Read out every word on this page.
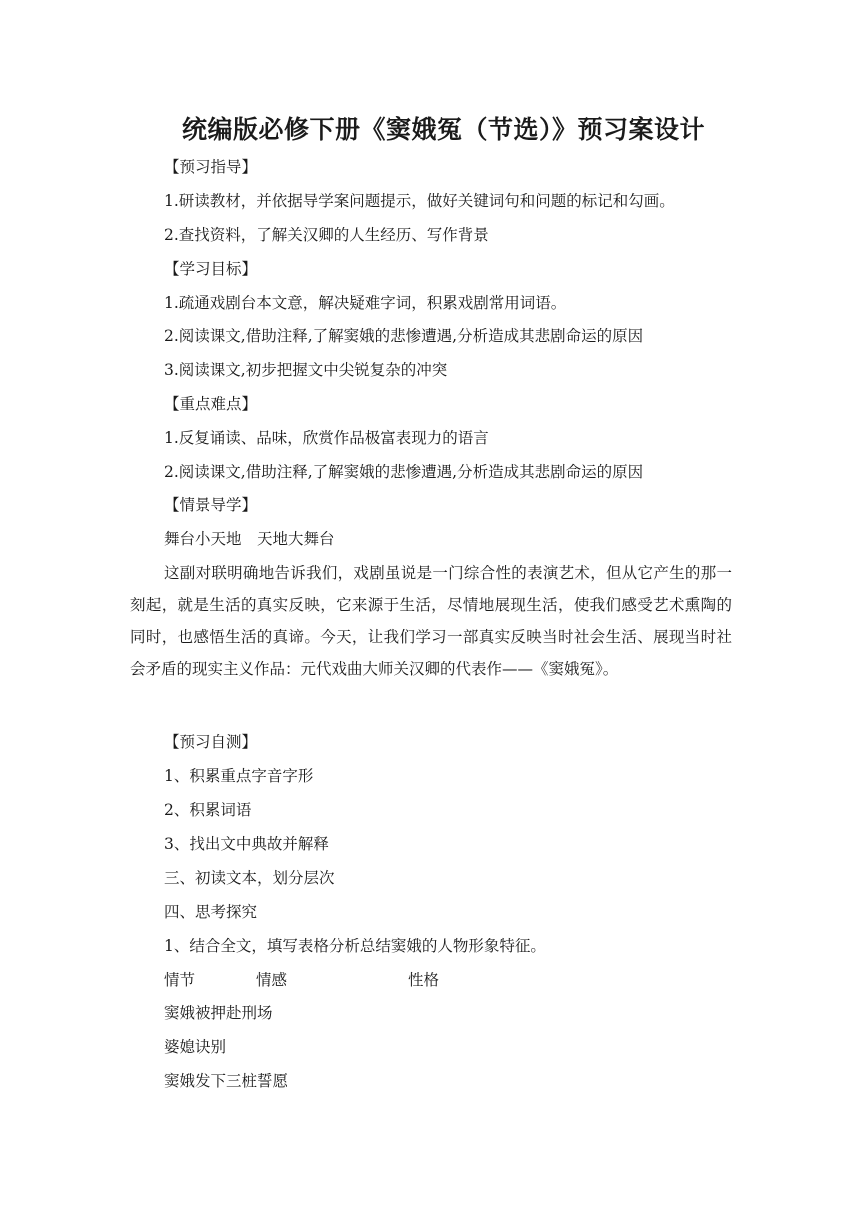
统编版必修下册《窦娥冤（节选）》预习案设计

【预习指导】

1.研读教材，并依据导学案问题提示，做好关键词句和问题的标记和勾画。

2.查找资料，了解关汉卿的人生经历、写作背景

【学习目标】

1.疏通戏剧台本文意，解决疑难字词，积累戏剧常用词语。

2.阅读课文,借助注释,了解窦娥的悲惨遭遇,分析造成其悲剧命运的原因

3.阅读课文,初步把握文中尖锐复杂的冲突

【重点难点】

1.反复诵读、品味，欣赏作品极富表现力的语言

2.阅读课文,借助注释,了解窦娥的悲惨遭遇,分析造成其悲剧命运的原因

【情景导学】

舞台小天地　天地大舞台

这副对联明确地告诉我们，戏剧虽说是一门综合性的表演艺术，但从它产生的那一刻起，就是生活的真实反映，它来源于生活，尽情地展现生活，使我们感受艺术熏陶的同时，也感悟生活的真谛。今天，让我们学习一部真实反映当时社会生活、展现当时社会矛盾的现实主义作品：元代戏曲大师关汉卿的代表作——《窦娥冤》。

【预习自测】

1、积累重点字音字形

2、积累词语

3、找出文中典故并解释

三、初读文本，划分层次

四、思考探究

1、结合全文，填写表格分析总结窦娥的人物形象特征。

情节	情感	性格

窦娥被押赴刑场

婆媳诀别

窦娥发下三桩誓愿
